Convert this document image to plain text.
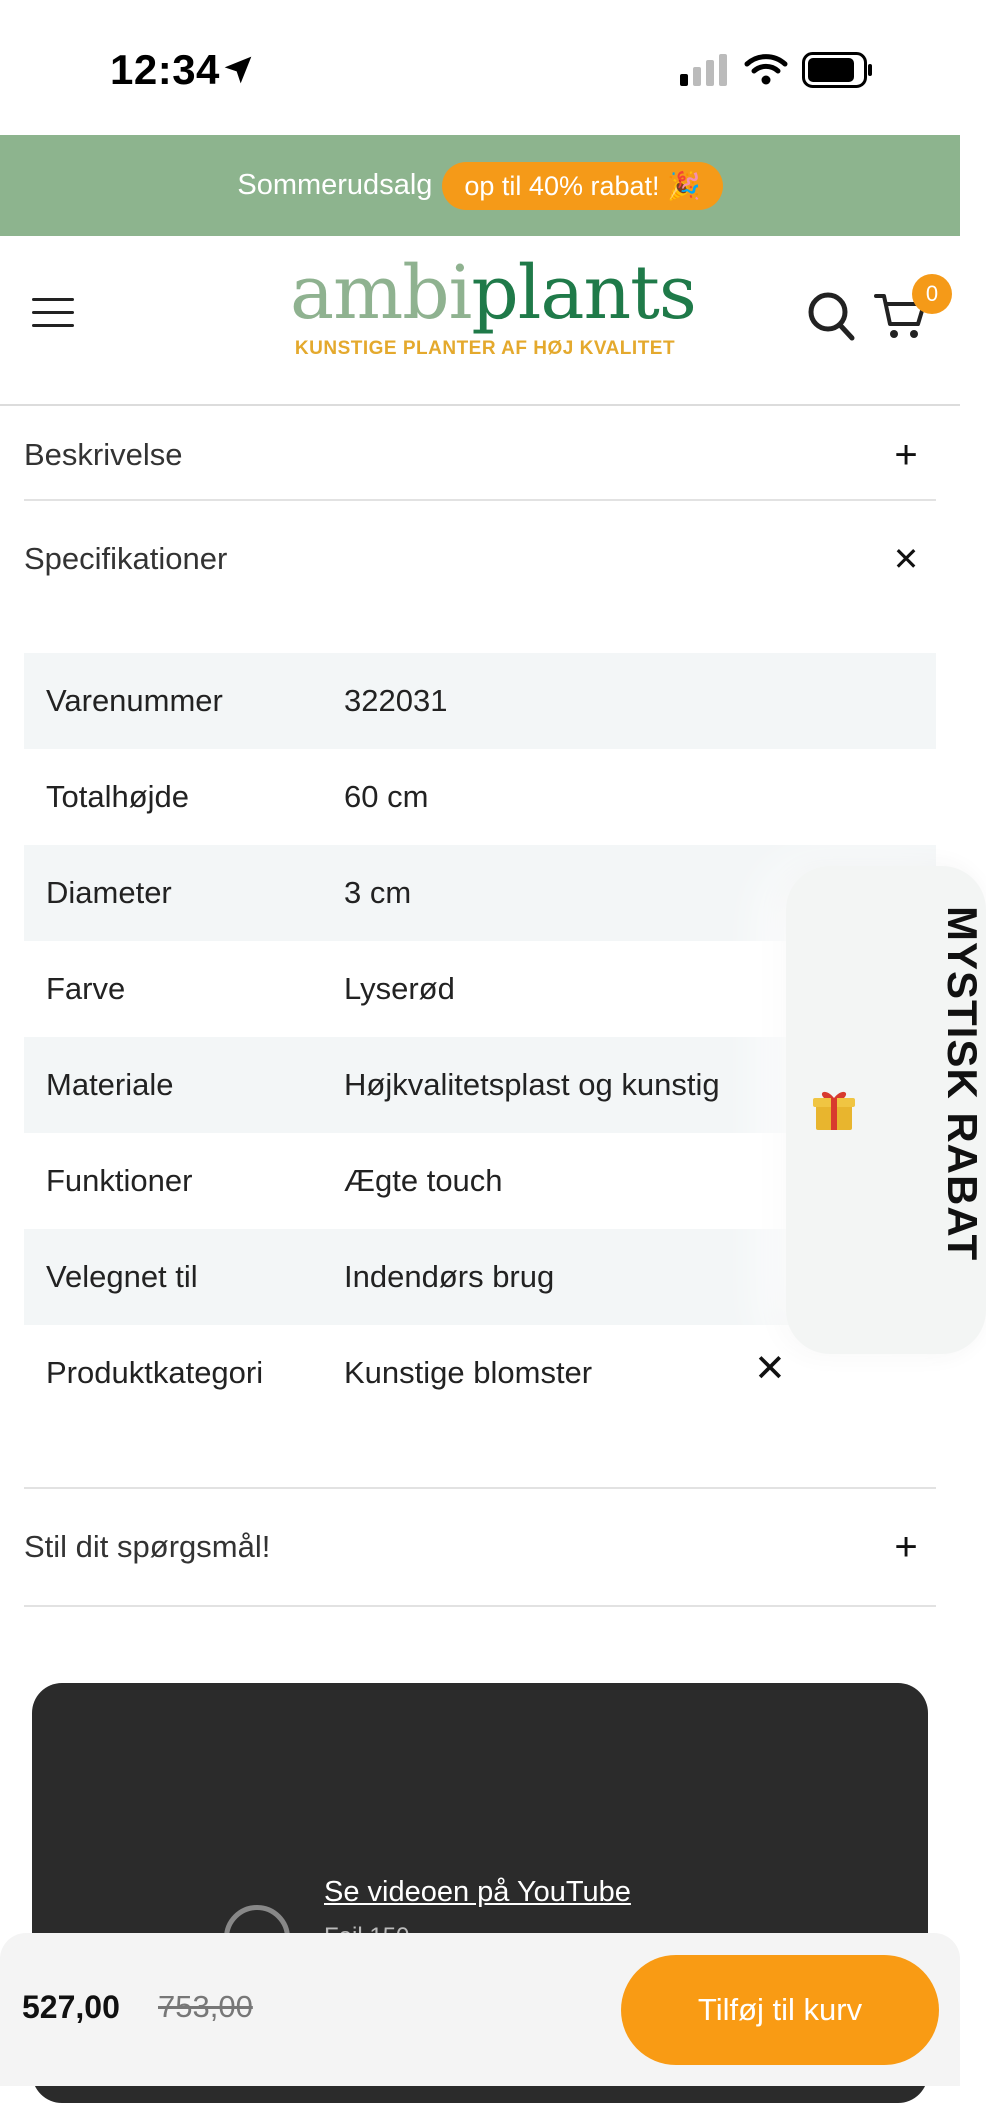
12:34
Sommerudsalg	op til 40% rabat! 🎉
ambiplants
KUNSTIGE PLANTER AF HØJ KVALITET
0
Beskrivelse	+
Specifikationer	✕
Varenummer	322031
Totalhøjde	60 cm
Diameter	3 cm
Farve	Lyserød
Materiale	Højkvalitetsplast og kunstig
Funktioner	Ægte touch
Velegnet til	Indendørs brug
Produktkategori	Kunstige blomster
MYSTISK RABAT
✕
Stil dit spørgsmål!	+
Se videoen på YouTube
527,00 753,00	Tilføj til kurv
